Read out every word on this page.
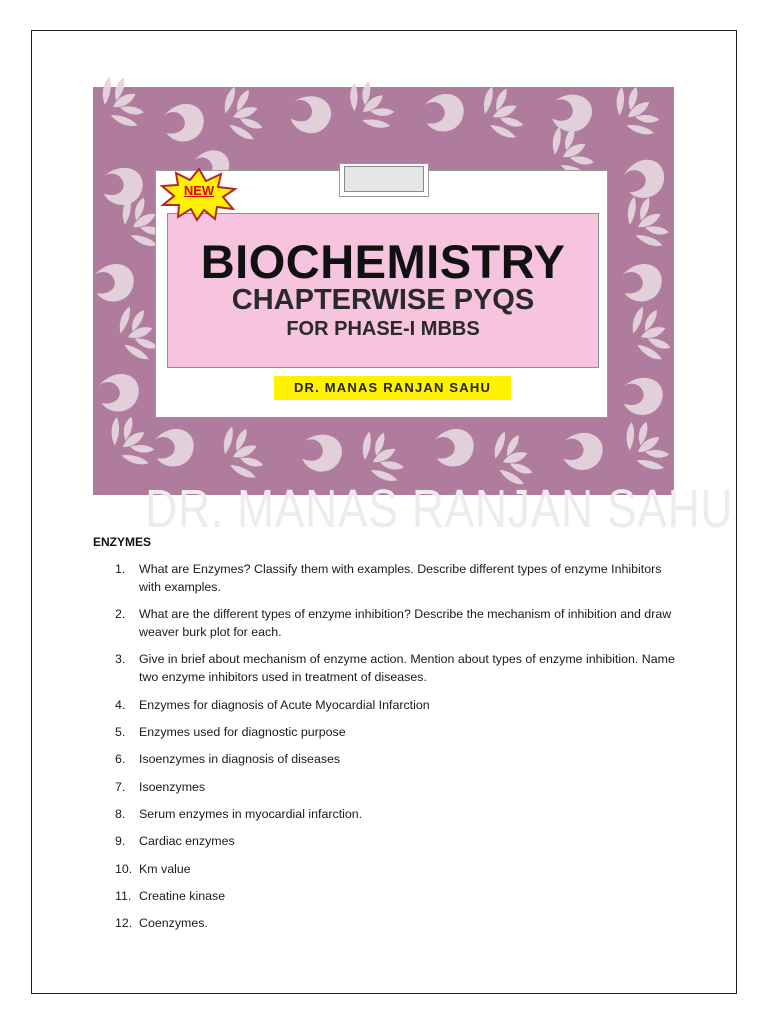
BIOCHEMISTRY
CHAPTERWISE PYQS
FOR PHASE-I MBBS
DR. MANAS RANJAN SAHU
NEW
DR. MANAS RANJAN SAHU
ENZYMES
1.	What are Enzymes? Classify them with examples. Describe different types of enzyme Inhibitors with examples.
2.	What are the different types of enzyme inhibition? Describe the mechanism of inhibition and draw weaver burk plot for each.
3.	Give in brief about mechanism of enzyme action. Mention about types of enzyme inhibition. Name two enzyme inhibitors used in treatment of diseases.
4.	Enzymes for diagnosis of Acute Myocardial Infarction
5.	Enzymes used for diagnostic purpose
6.	Isoenzymes in diagnosis of diseases
7.	Isoenzymes
8.	Serum enzymes in myocardial infarction.
9.	Cardiac enzymes
10. Km value
11. Creatine kinase
12. Coenzymes.
